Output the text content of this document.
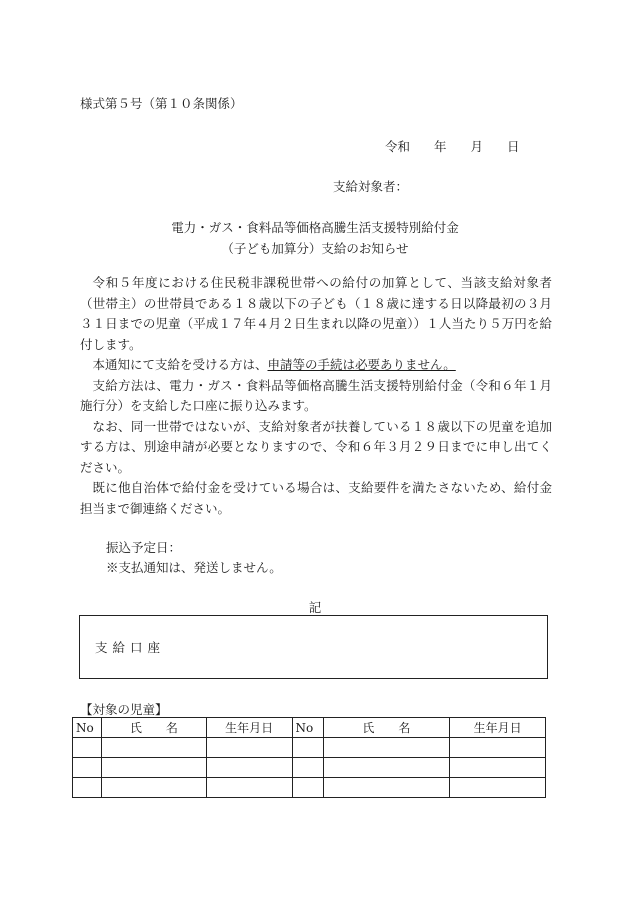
様式第５号（第１０条関係）
令和 年 月 日
支給対象者：
電力・ガス・食料品等価格高騰生活支援特別給付金
（子ども加算分）支給のお知らせ

令和５年度における住民税非課税世帯への給付の加算として、当該支給対象者（世帯主）の世帯員である１８歳以下の子ども（１８歳に達する日以降最初の３月３１日までの児童（平成１７年４月２日生まれ以降の児童））１人当たり５万円を給付します。

本通知にて支給を受ける方は、申請等の手続は必要ありません。

支給方法は、電力・ガス・食料品等価格高騰生活支援特別給付金（令和６年１月施行分）を支給した口座に振り込みます。

なお、同一世帯ではないが、支給対象者が扶養している１８歳以下の児童を追加する方は、別途申請が必要となりますので、令和６年３月２９日までに申し出てください。

既に他自治体で給付金を受けている場合は、支給要件を満たさないため、給付金担当まで御連絡ください。

振込予定日：
※支払通知は、発送しません。
記
支給口座
【対象の児童】
No	氏　　名	生年月日	No	氏　　名	生年月日
